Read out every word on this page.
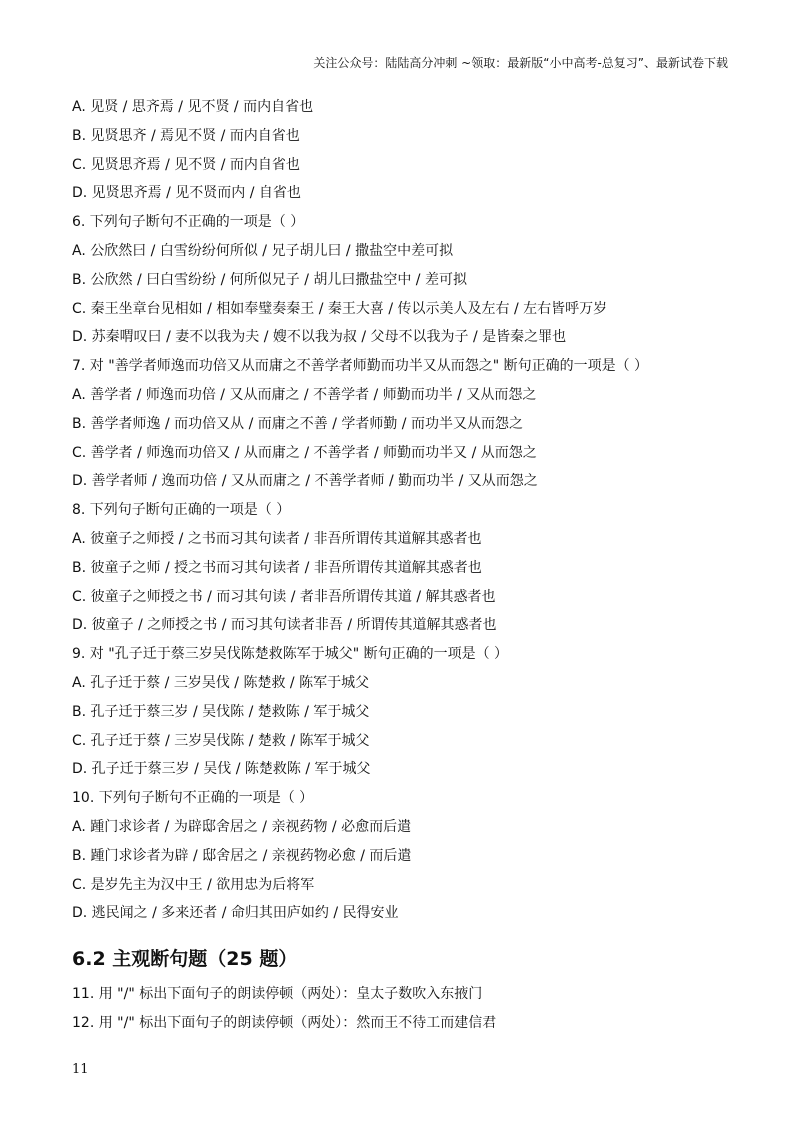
关注公众号：陆陆高分冲刺 ~领取：最新版“小中高考-总复习”、最新试卷下载
A. 见贤 / 思齐焉 / 见不贤 / 而内自省也
B. 见贤思齐 / 焉见不贤 / 而内自省也
C. 见贤思齐焉 / 见不贤 / 而内自省也
D. 见贤思齐焉 / 见不贤而内 / 自省也
6. 下列句子断句不正确的一项是（ ）
A. 公欣然曰 / 白雪纷纷何所似 / 兄子胡儿曰 / 撒盐空中差可拟
B. 公欣然 / 曰白雪纷纷 / 何所似兄子 / 胡儿曰撒盐空中 / 差可拟
C. 秦王坐章台见相如 / 相如奉璧奏秦王 / 秦王大喜 / 传以示美人及左右 / 左右皆呼万岁
D. 苏秦喟叹曰 / 妻不以我为夫 / 嫂不以我为叔 / 父母不以我为子 / 是皆秦之罪也
7. 对 "善学者师逸而功倍又从而庸之不善学者师勤而功半又从而怨之" 断句正确的一项是（ ）
A. 善学者 / 师逸而功倍 / 又从而庸之 / 不善学者 / 师勤而功半 / 又从而怨之
B. 善学者师逸 / 而功倍又从 / 而庸之不善 / 学者师勤 / 而功半又从而怨之
C. 善学者 / 师逸而功倍又 / 从而庸之 / 不善学者 / 师勤而功半又 / 从而怨之
D. 善学者师 / 逸而功倍 / 又从而庸之 / 不善学者师 / 勤而功半 / 又从而怨之
8. 下列句子断句正确的一项是（ ）
A. 彼童子之师授 / 之书而习其句读者 / 非吾所谓传其道解其惑者也
B. 彼童子之师 / 授之书而习其句读者 / 非吾所谓传其道解其惑者也
C. 彼童子之师授之书 / 而习其句读 / 者非吾所谓传其道 / 解其惑者也
D. 彼童子 / 之师授之书 / 而习其句读者非吾 / 所谓传其道解其惑者也
9. 对 "孔子迁于蔡三岁吴伐陈楚救陈军于城父" 断句正确的一项是（ ）
A. 孔子迁于蔡 / 三岁吴伐 / 陈楚救 / 陈军于城父
B. 孔子迁于蔡三岁 / 吴伐陈 / 楚救陈 / 军于城父
C. 孔子迁于蔡 / 三岁吴伐陈 / 楚救 / 陈军于城父
D. 孔子迁于蔡三岁 / 吴伐 / 陈楚救陈 / 军于城父
10. 下列句子断句不正确的一项是（ ）
A. 踵门求诊者 / 为辟邸舍居之 / 亲视药物 / 必愈而后遣
B. 踵门求诊者为辟 / 邸舍居之 / 亲视药物必愈 / 而后遣
C. 是岁先主为汉中王 / 欲用忠为后将军
D. 逃民闻之 / 多来还者 / 命归其田庐如约 / 民得安业
6.2 主观断句题（25 题）
11. 用 "/" 标出下面句子的朗读停顿（两处）：皇太子数吹入东掖门
12. 用 "/" 标出下面句子的朗读停顿（两处）：然而王不待工而建信君
11
